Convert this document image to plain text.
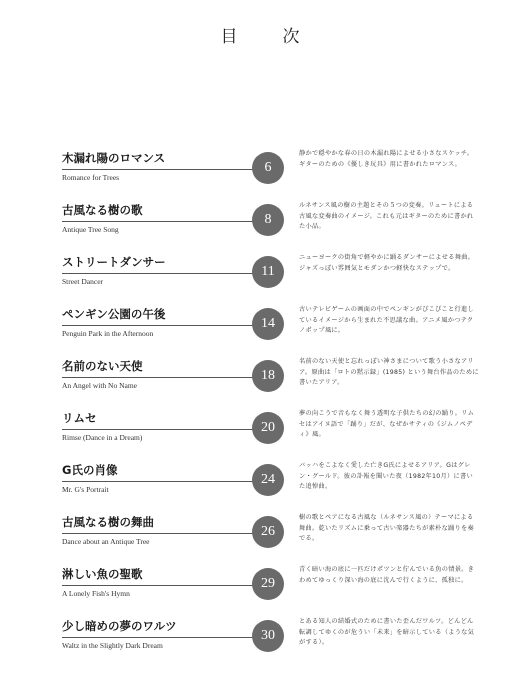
目　次
木漏れ陽のロマンス
Romance for Trees
6
静かで穏やかな春の日の木漏れ陽によせる小さなスケッチ。ギターのための《優しき玩具》用に書かれたロマンス。
古風なる樹の歌
Antique Tree Song
8
ルネサンス風の樹の主題とその５つの変奏。リュートによる古風な変奏曲のイメージ。これも元はギターのために書かれた小品。
ストリートダンサー
Street Dancer
11
ニューヨークの街角で軽やかに踊るダンサーによせる舞曲。ジャズっぽい雰囲気とモダンかつ軽快なステップで。
ペンギン公園の午後
Penguin Park in the Afternoon
14
古いテレビゲームの画面の中でペンギンがぴこぴこと行進しているイメージから生まれた不思議な曲。アニメ風かつテクノポップ風に。
名前のない天使
An Angel with No Name
18
名前のない天使と忘れっぽい神さまについて歌う小さなアリア。原曲は「ロトの黙示録」(1985) という舞台作品のために書いたアリア。
リムセ
Rimse (Dance in a Dream)
20
夢の向こうで音もなく舞う透明な子供たちの幻の踊り。リムセはアイヌ語で「踊り」だが、なぜかサティの《ジムノペディ》風。
G氏の肖像
Mr. G's Portrait
24
バッハをこよなく愛した亡きG氏によせるアリア。Gはグレン・グールド。彼の訃報を聞いた夜（1982年10月）に書いた追悼曲。
古風なる樹の舞曲
Dance about an Antique Tree
26
樹の歌とペアになる古風な（ルネサンス風の）テーマによる舞曲。乾いたリズムに乗って古い楽器たちが素朴な踊りを奏でる。
淋しい魚の聖歌
A Lonely Fish's Hymn
29
青く暗い海の底に一匹だけポツンと佇んでいる魚の情景。きわめてゆっくり深い海の底に沈んで行くように、孤独に。
少し暗めの夢のワルツ
Waltz in the Slightly Dark Dream
30
とある知人の結婚式のために書いた歪んだワルツ。どんどん転調してゆくのが危うい「未来」を暗示している（ような気がする）。
